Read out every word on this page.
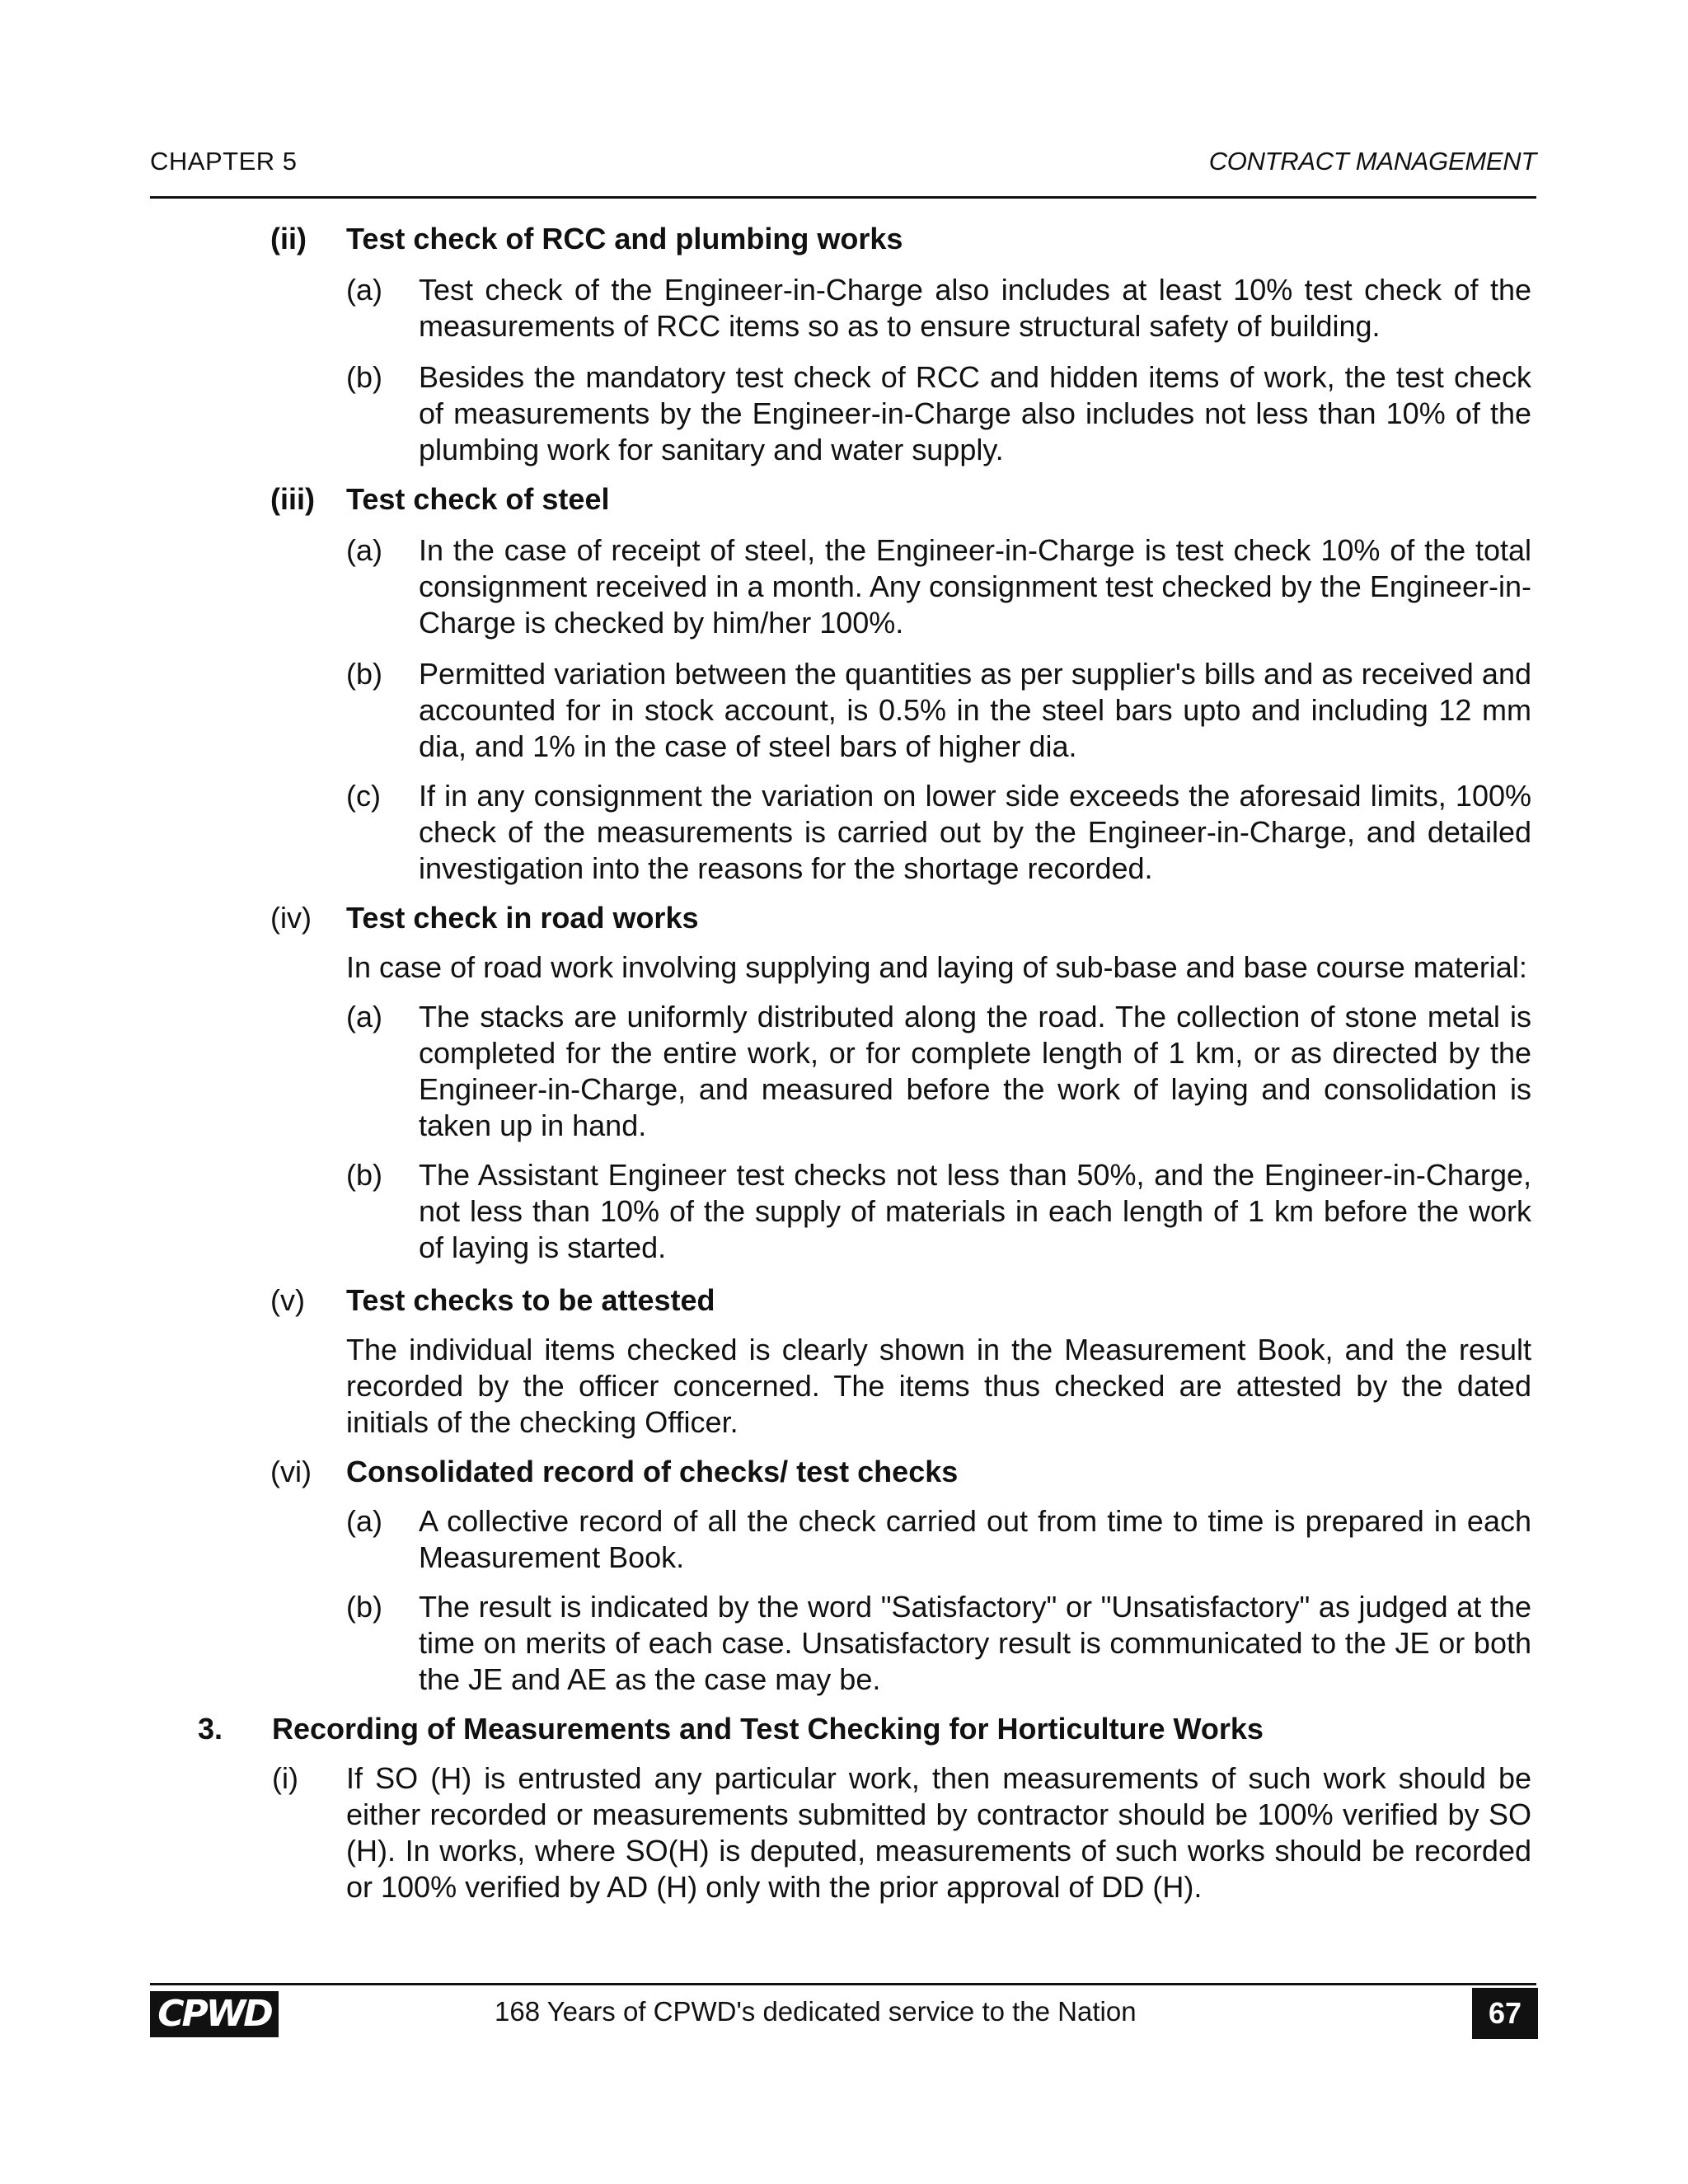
CHAPTER 5	CONTRACT MANAGEMENT
(ii) Test check of RCC and plumbing works
(a) Test check of the Engineer-in-Charge also includes at least 10% test check of the measurements of RCC items so as to ensure structural safety of building.
(b) Besides the mandatory test check of RCC and hidden items of work, the test check of measurements by the Engineer-in-Charge also includes not less than 10% of the plumbing work for sanitary and water supply.
(iii) Test check of steel
(a) In the case of receipt of steel, the Engineer-in-Charge is test check 10% of the total consignment received in a month. Any consignment test checked by the Engineer-in-Charge is checked by him/her 100%.
(b) Permitted variation between the quantities as per supplier's bills and as received and accounted for in stock account, is 0.5% in the steel bars upto and including 12 mm dia, and 1% in the case of steel bars of higher dia.
(c) If in any consignment the variation on lower side exceeds the aforesaid limits, 100% check of the measurements is carried out by the Engineer-in-Charge, and detailed investigation into the reasons for the shortage recorded.
(iv) Test check in road works
In case of road work involving supplying and laying of sub-base and base course material:
(a) The stacks are uniformly distributed along the road. The collection of stone metal is completed for the entire work, or for complete length of 1 km, or as directed by the Engineer-in-Charge, and measured before the work of laying and consolidation is taken up in hand.
(b) The Assistant Engineer test checks not less than 50%, and the Engineer-in-Charge, not less than 10% of the supply of materials in each length of 1 km before the work of laying is started.
(v) Test checks to be attested
The individual items checked is clearly shown in the Measurement Book, and the result recorded by the officer concerned. The items thus checked are attested by the dated initials of the checking Officer.
(vi) Consolidated record of checks/ test checks
(a) A collective record of all the check carried out from time to time is prepared in each Measurement Book.
(b) The result is indicated by the word "Satisfactory" or "Unsatisfactory" as judged at the time on merits of each case. Unsatisfactory result is communicated to the JE or both the JE and AE as the case may be.
3. Recording of Measurements and Test Checking for Horticulture Works
(i) If SO (H) is entrusted any particular work, then measurements of such work should be either recorded or measurements submitted by contractor should be 100% verified by SO (H). In works, where SO(H) is deputed, measurements of such works should be recorded or 100% verified by AD (H) only with the prior approval of DD (H).
CPWD	168 Years of CPWD's dedicated service to the Nation	67
